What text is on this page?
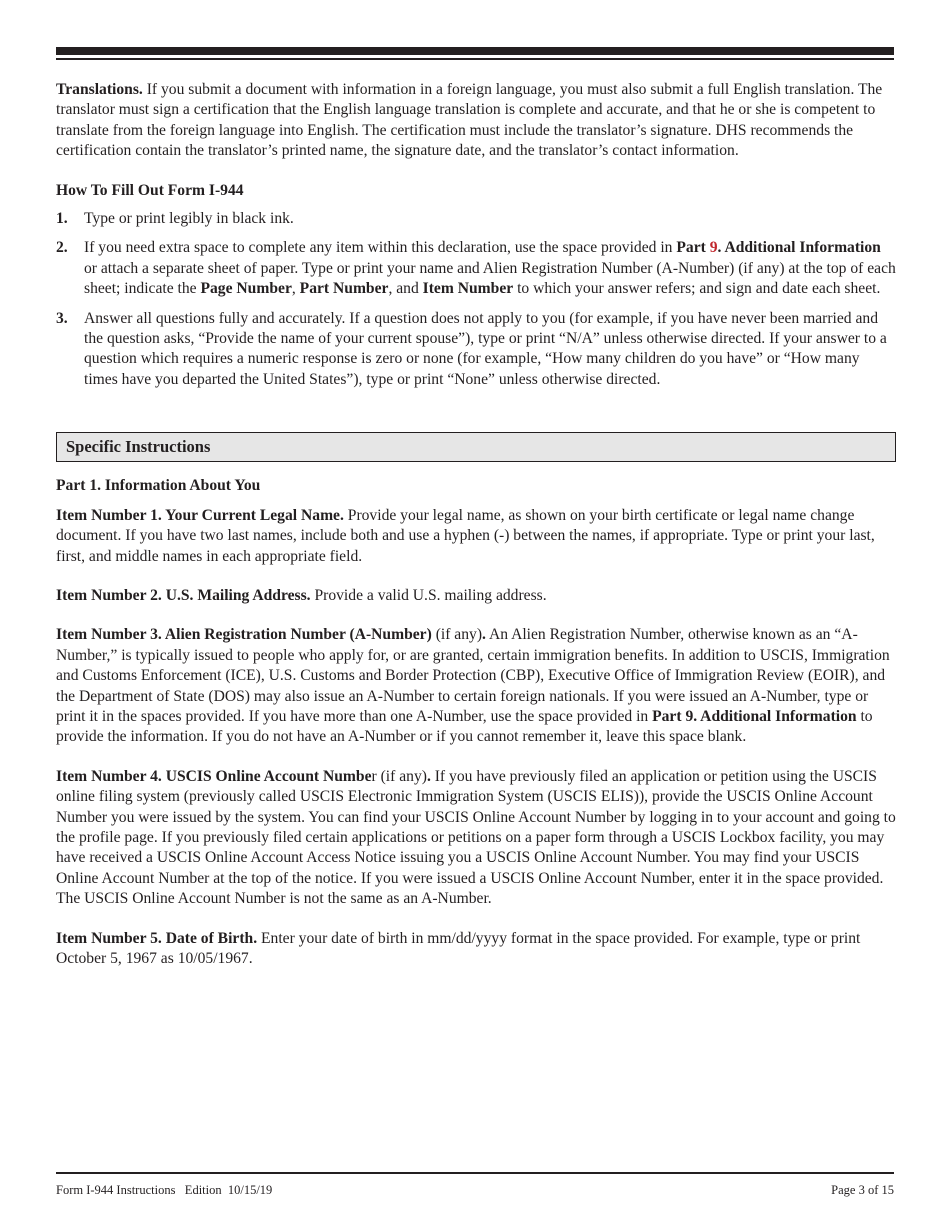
Translations. If you submit a document with information in a foreign language, you must also submit a full English translation. The translator must sign a certification that the English language translation is complete and accurate, and that he or she is competent to translate from the foreign language into English. The certification must include the translator’s signature. DHS recommends the certification contain the translator’s printed name, the signature date, and the translator’s contact information.

How To Fill Out Form I-944

1. Type or print legibly in black ink.
2. If you need extra space to complete any item within this declaration, use the space provided in Part 9. Additional Information or attach a separate sheet of paper. Type or print your name and Alien Registration Number (A-Number) (if any) at the top of each sheet; indicate the Page Number, Part Number, and Item Number to which your answer refers; and sign and date each sheet.
3. Answer all questions fully and accurately. If a question does not apply to you (for example, if you have never been married and the question asks, “Provide the name of your current spouse”), type or print “N/A” unless otherwise directed. If your answer to a question which requires a numeric response is zero or none (for example, “How many children do you have” or “How many times have you departed the United States”), type or print “None” unless otherwise directed.
Specific Instructions

Part 1. Information About You

Item Number 1. Your Current Legal Name. Provide your legal name, as shown on your birth certificate or legal name change document. If you have two last names, include both and use a hyphen (-) between the names, if appropriate. Type or print your last, first, and middle names in each appropriate field.

Item Number 2. U.S. Mailing Address. Provide a valid U.S. mailing address.

Item Number 3. Alien Registration Number (A-Number) (if any). An Alien Registration Number, otherwise known as an “A-Number,” is typically issued to people who apply for, or are granted, certain immigration benefits. In addition to USCIS, Immigration and Customs Enforcement (ICE), U.S. Customs and Border Protection (CBP), Executive Office of Immigration Review (EOIR), and the Department of State (DOS) may also issue an A-Number to certain foreign nationals. If you were issued an A-Number, type or print it in the spaces provided. If you have more than one A-Number, use the space provided in Part 9. Additional Information to provide the information. If you do not have an A-Number or if you cannot remember it, leave this space blank.

Item Number 4. USCIS Online Account Number (if any). If you have previously filed an application or petition using the USCIS online filing system (previously called USCIS Electronic Immigration System (USCIS ELIS)), provide the USCIS Online Account Number you were issued by the system. You can find your USCIS Online Account Number by logging in to your account and going to the profile page. If you previously filed certain applications or petitions on a paper form through a USCIS Lockbox facility, you may have received a USCIS Online Account Access Notice issuing you a USCIS Online Account Number. You may find your USCIS Online Account Number at the top of the notice. If you were issued a USCIS Online Account Number, enter it in the space provided. The USCIS Online Account Number is not the same as an A-Number.

Item Number 5. Date of Birth. Enter your date of birth in mm/dd/yyyy format in the space provided. For example, type or print October 5, 1967 as 10/05/1967.

Form I-944 Instructions   Edition  10/15/19	Page 3 of 15
